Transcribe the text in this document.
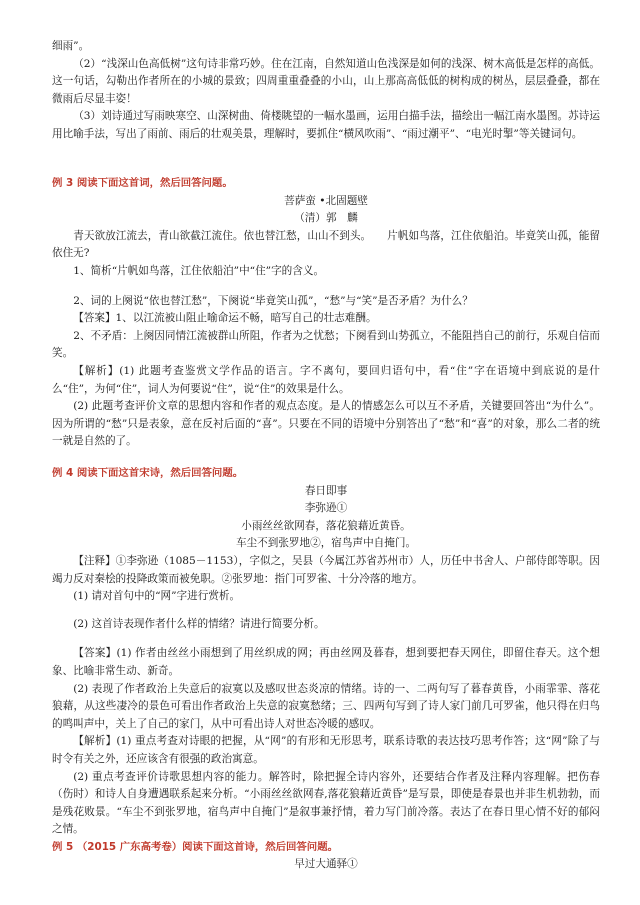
细雨”。

（2）“浅深山色高低树”这句诗非常巧妙。住在江南，自然知道山色浅深是如何的浅深、树木高低是怎样的高低。这一句话，勾勒出作者所在的小城的景致；四周重重叠叠的小山，山上那高高低低的树构成的树丛，层层叠叠，都在微雨后尽显丰姿！

（3）刘诗通过写雨映寒空、山深树曲、倚楼眺望的一幅水墨画，运用白描手法，描绘出一幅江南水墨图。苏诗运用比喻手法，写出了雨前、雨后的壮观美景，理解时，要抓住“横风吹雨”、“雨过潮平”、“电光时掣”等关键词句。

例 3 阅读下面这首词，然后回答问题。

菩萨蛮 •北固题壁

（清）郭　麟

青天欲放江流去，青山欲截江流住。依也替江愁，山山不到头。　　片帆如鸟落，江住依船泊。毕竟笑山孤，能留依住无?

1、简析“片帆如鸟落，江住依船泊”中“住”字的含义。

2、词的上阕说“依也替江愁”，下阕说“毕竟笑山孤”，“愁”与“笑”是否矛盾？为什么？

【答案】1、以江流被山阻止喻命运不畅，暗写自己的壮志难酬。

2、不矛盾：上阕因同情江流被群山所阻，作者为之忧愁；下阕看到山势孤立，不能阻挡自己的前行，乐观自信而笑。

【解析】(1) 此题考查鉴赏文学作品的语言。字不离句，要回归语句中，看“住”字在语境中到底说的是什么“住”，为何“住”，词人为何要说“住”，说“住”的效果是什么。

(2) 此题考查评价文章的思想内容和作者的观点态度。是人的情感怎么可以互不矛盾，关键要回答出“为什么”。因为所谓的“愁”只是表象，意在反衬后面的“喜”。只要在不同的语境中分别答出了“愁”和“喜”的对象，那么二者的统一就是自然的了。

例 4 阅读下面这首宋诗，然后回答问题。

春日即事

李弥逊①

小雨丝丝欲网春，落花狼藉近黄昏。

车尘不到张罗地②，宿鸟声中自掩门。

【注释】①李弥逊（1085－1153），字似之，吴县（今属江苏省苏州市）人，历任中书舍人、户部侍郎等职。因竭力反对秦桧的投降政策而被免职。②张罗地：指门可罗雀、十分冷落的地方。

(1) 请对首句中的“网”字进行赏析。

(2) 这首诗表现作者什么样的情绪？请进行简要分析。

【答案】(1) 作者由丝丝小雨想到了用丝织成的网；再由丝网及暮春，想到要把春天网住，即留住春天。这个想象、比喻非常生动、新奇。

(2) 表现了作者政治上失意后的寂寞以及感叹世态炎凉的情绪。诗的一、二两句写了暮春黄昏，小雨霏霏、落花狼藉，从这些凄冷的景色可看出作者政治上失意的寂寞愁绪；三、四两句写到了诗人家门前几可罗雀，他只得在归鸟的鸣叫声中，关上了自己的家门，从中可看出诗人对世态冷暖的感叹。

【解析】(1) 重点考查对诗眼的把握，从“网”的有形和无形思考，联系诗歌的表达技巧思考作答；这“网”除了与时令有关之外，还应该含有很强的政治寓意。

(2) 重点考查评价诗歌思想内容的能力。解答时，除把握全诗内容外，还要结合作者及注释内容理解。把伤春（伤时）和诗人自身遭遇联系起来分析。“小雨丝丝欲网春,落花狼藉近黄昏”是写景，即使是春景也并非生机勃勃，而是残花败景。“车尘不到张罗地，宿鸟声中自掩门”是叙事兼抒情，着力写门前冷落。表达了在春日里心情不好的郁闷之情。

例 5 （2015 广东高考卷）阅读下面这首诗，然后回答问题。

早过大通驿①
